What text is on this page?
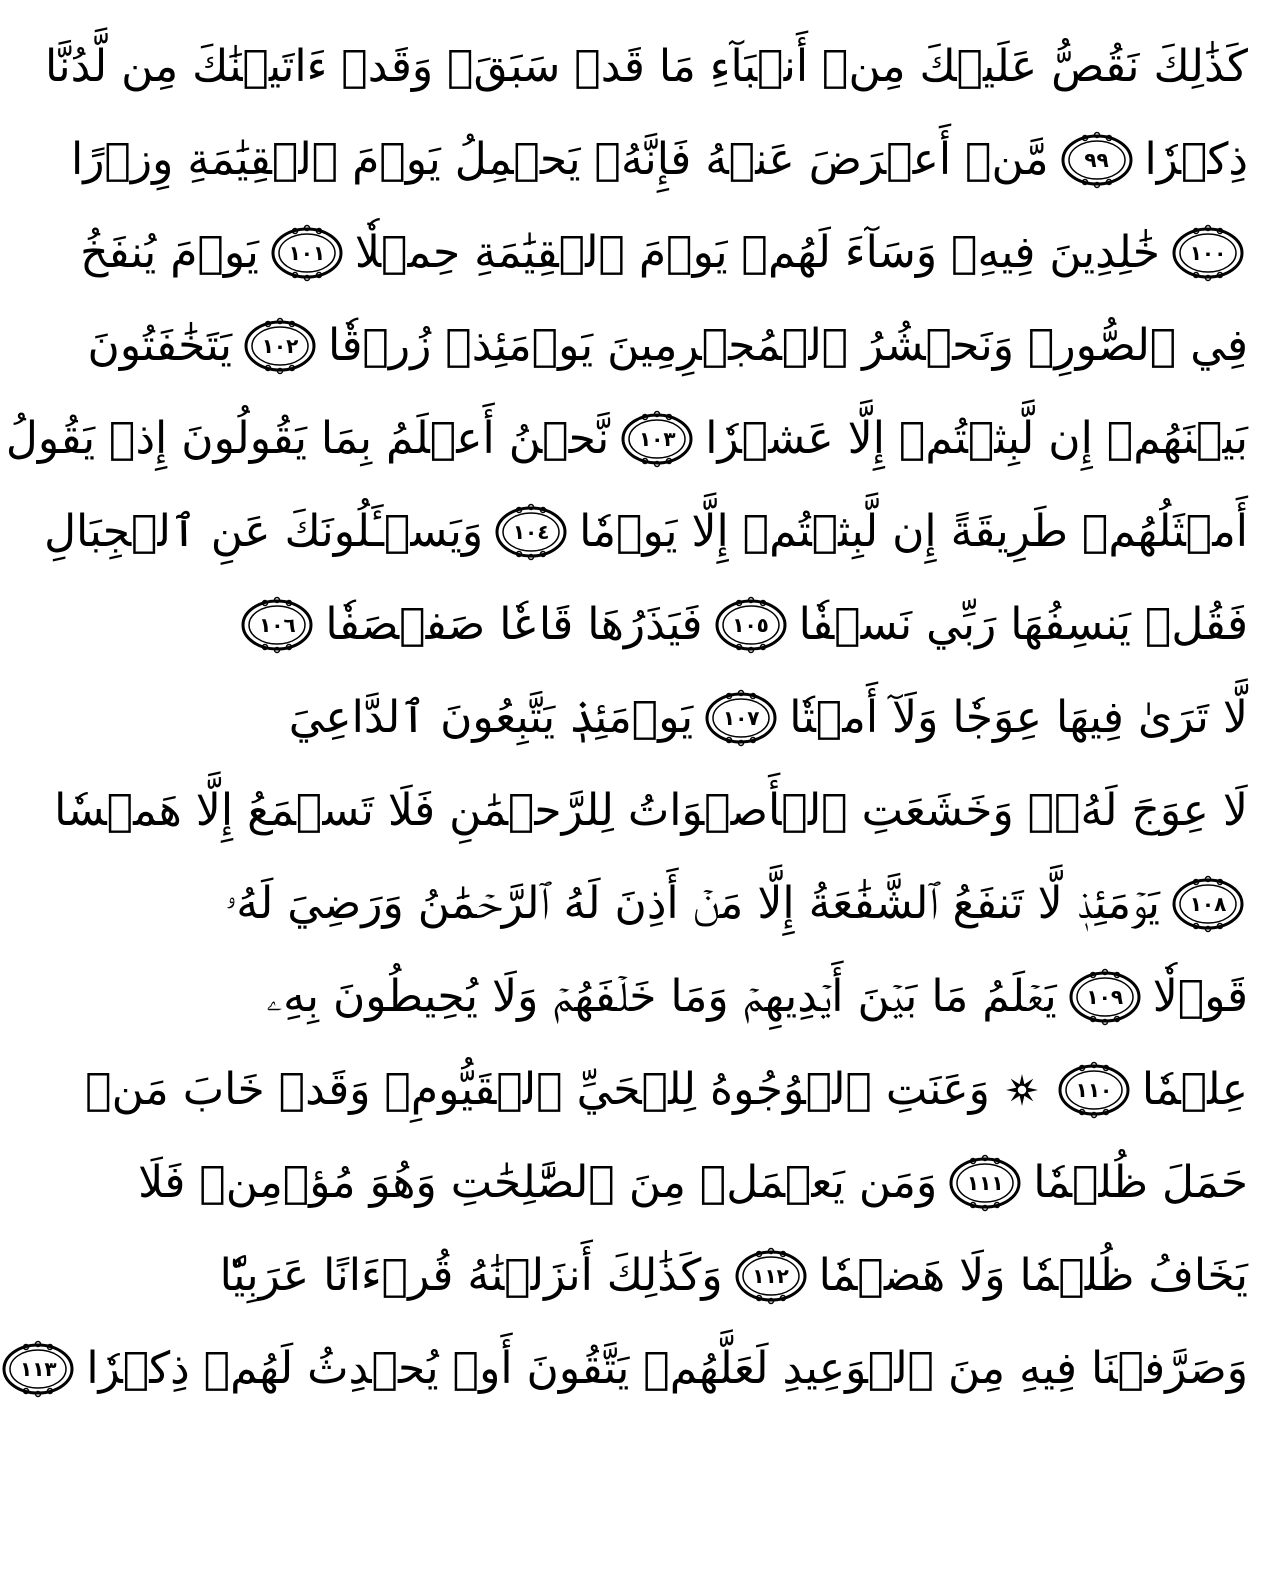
كَذَٰلِكَ نَقُصُّ عَلَيۡكَ مِنۡ أَنۢبَآءِ مَا قَدۡ سَبَقَۚ وَقَدۡ ءَاتَيۡنَٰكَ مِن لَّدُنَّا
ذِكۡرٗا
٩٩
مَّنۡ أَعۡرَضَ عَنۡهُ فَإِنَّهُۥ يَحۡمِلُ يَوۡمَ ٱلۡقِيَٰمَةِ وِزۡرًا
١٠٠
خَٰلِدِينَ فِيهِۖ وَسَآءَ لَهُمۡ يَوۡمَ ٱلۡقِيَٰمَةِ حِمۡلٗا
١٠١
يَوۡمَ يُنفَخُ
فِي ٱلصُّورِۚ وَنَحۡشُرُ ٱلۡمُجۡرِمِينَ يَوۡمَئِذٖ زُرۡقٗا
١٠٢
يَتَخَٰفَتُونَ
بَيۡنَهُمۡ إِن لَّبِثۡتُمۡ إِلَّا عَشۡرٗا
١٠٣
نَّحۡنُ أَعۡلَمُ بِمَا يَقُولُونَ إِذۡ يَقُولُ
أَمۡثَلُهُمۡ طَرِيقَةً إِن لَّبِثۡتُمۡ إِلَّا يَوۡمٗا
١٠٤
وَيَسۡـَٔلُونَكَ عَنِ ٱلۡجِبَالِ
فَقُلۡ يَنسِفُهَا رَبِّي نَسۡفٗا
١٠٥
فَيَذَرُهَا قَاعٗا صَفۡصَفٗا
١٠٦
لَّا تَرَىٰ فِيهَا عِوَجٗا وَلَآ أَمۡتٗا
١٠٧
يَوۡمَئِذٖ يَتَّبِعُونَ ٱلدَّاعِيَ
لَا عِوَجَ لَهُۥۖ وَخَشَعَتِ ٱلۡأَصۡوَاتُ لِلرَّحۡمَٰنِ فَلَا تَسۡمَعُ إِلَّا هَمۡسٗا
١٠٨
يَوۡمَئِذٖ لَّا تَنفَعُ ٱلشَّفَٰعَةُ إِلَّا مَنۡ أَذِنَ لَهُ ٱلرَّحۡمَٰنُ وَرَضِيَ لَهُۥ
قَوۡلٗا
١٠٩
يَعۡلَمُ مَا بَيۡنَ أَيۡدِيهِمۡ وَمَا خَلۡفَهُمۡ وَلَا يُحِيطُونَ بِهِۦ
عِلۡمٗا
١١٠
وَعَنَتِ ٱلۡوُجُوهُ لِلۡحَيِّ ٱلۡقَيُّومِۖ وَقَدۡ خَابَ مَنۡ
حَمَلَ ظُلۡمٗا
١١١
وَمَن يَعۡمَلۡ مِنَ ٱلصَّٰلِحَٰتِ وَهُوَ مُؤۡمِنٞ فَلَا
يَخَافُ ظُلۡمٗا وَلَا هَضۡمٗا
١١٢
وَكَذَٰلِكَ أَنزَلۡنَٰهُ قُرۡءَانًا عَرَبِيّٗا
وَصَرَّفۡنَا فِيهِ مِنَ ٱلۡوَعِيدِ لَعَلَّهُمۡ يَتَّقُونَ أَوۡ يُحۡدِثُ لَهُمۡ ذِكۡرٗا
١١٣
